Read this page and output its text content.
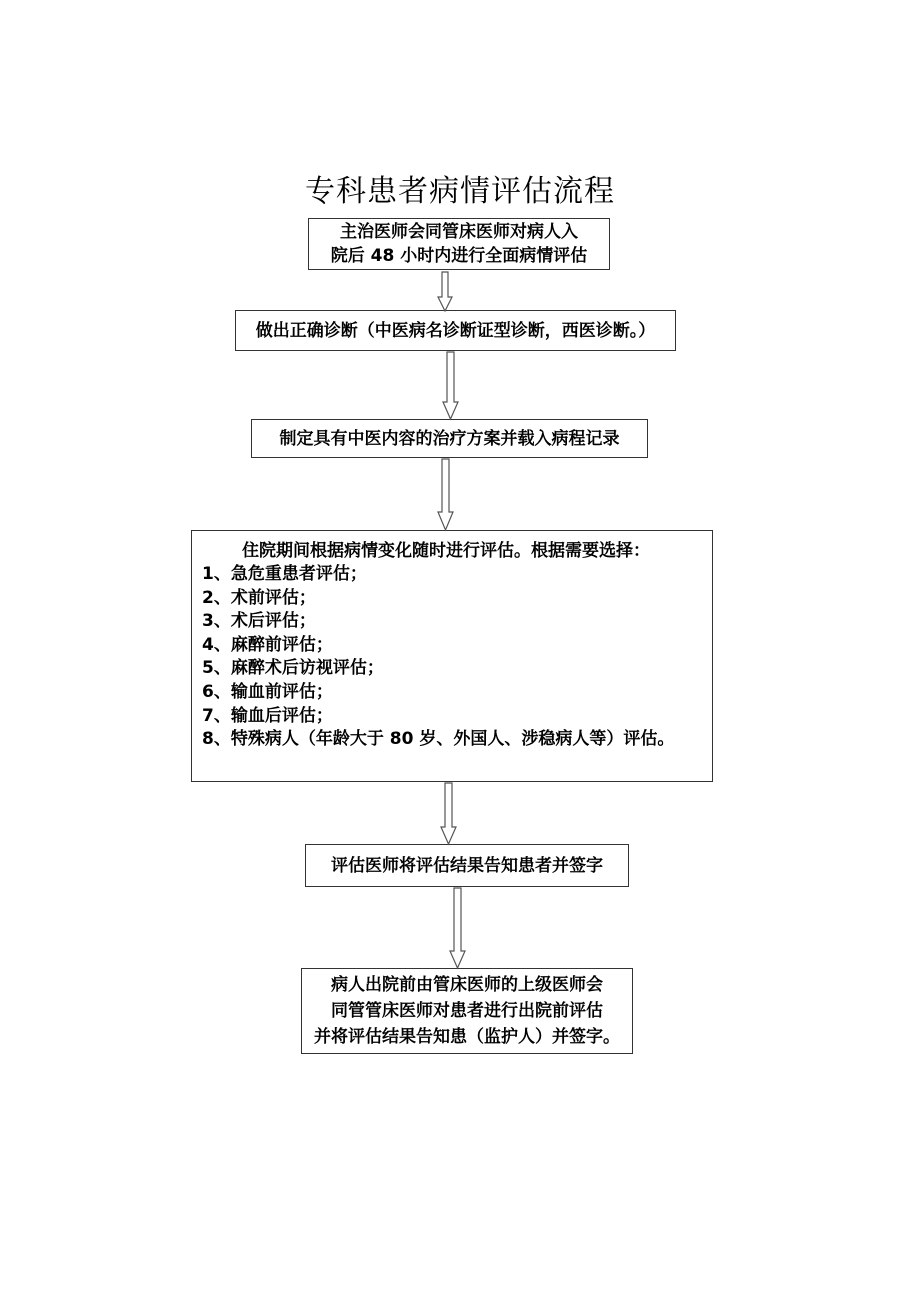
专科患者病情评估流程
主治医师会同管床医师对病人入
院后 48 小时内进行全面病情评估
做出正确诊断（中医病名诊断证型诊断，西医诊断。）
制定具有中医内容的治疗方案并载入病程记录
住院期间根据病情变化随时进行评估。根据需要选择：
1、急危重患者评估；
2、术前评估；
3、术后评估；
4、麻醉前评估；
5、麻醉术后访视评估；
6、输血前评估；
7、输血后评估；
8、特殊病人（年龄大于 80 岁、外国人、涉稳病人等）评估。
评估医师将评估结果告知患者并签字
病人出院前由管床医师的上级医师会
同管管床医师对患者进行出院前评估
并将评估结果告知患（监护人）并签字。
